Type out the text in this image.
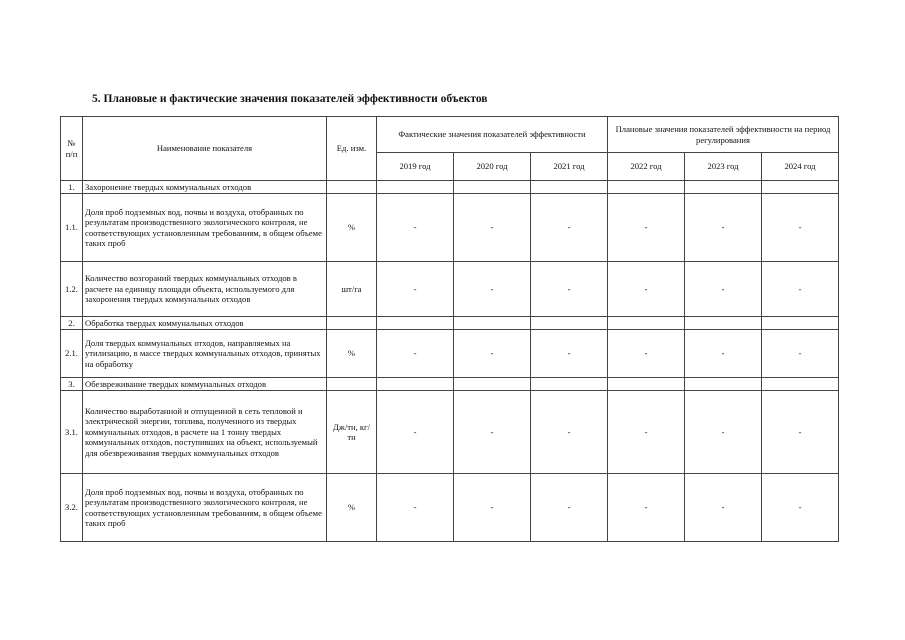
5. Плановые и фактические значения показателей эффективности объектов
№ п/п	Наименование показателя	Ед. изм.	Фактические значения показателей эффективности			Плановые значения показателей эффективности на период регулирования		
			2019 год	2020 год	2021 год	2022 год	2023 год	2024 год
1.	Захоронение твердых коммунальных отходов							
1.1.	Доля проб подземных вод, почвы и воздуха, отобранных по результатам производственного экологического контроля, не соответствующих установленным требованиям, в общем объеме таких проб	%	-	-	-	-	-	-
1.2.	Количество возгораний твердых коммунальных отходов в расчете на единицу площади объекта, используемого для захоронения твердых коммунальных отходов	шт/га	-	-	-	-	-	-
2.	Обработка твердых коммунальных отходов							
2.1.	Доля твердых коммунальных отходов, направляемых на утилизацию, в массе твердых коммунальных отходов, принятых на обработку	%	-	-	-	-	-	-
3.	Обезвреживание твердых коммунальных отходов							
3.1.	Количество выработанной и отпущенной в сеть тепловой и электрической энергии, топлива, полученного из твердых коммунальных отходов, в расчете на 1 тонну твердых коммунальных отходов, поступивших на объект, используемый для обезвреживания твердых коммунальных отходов	Дж/тн, кг/тн	-	-	-	-	-	-
3.2.	Доля проб подземных вод, почвы и воздуха, отобранных по результатам производственного экологического контроля, не соответствующих установленным требованиям, в общем объеме таких проб	%	-	-	-	-	-	-
